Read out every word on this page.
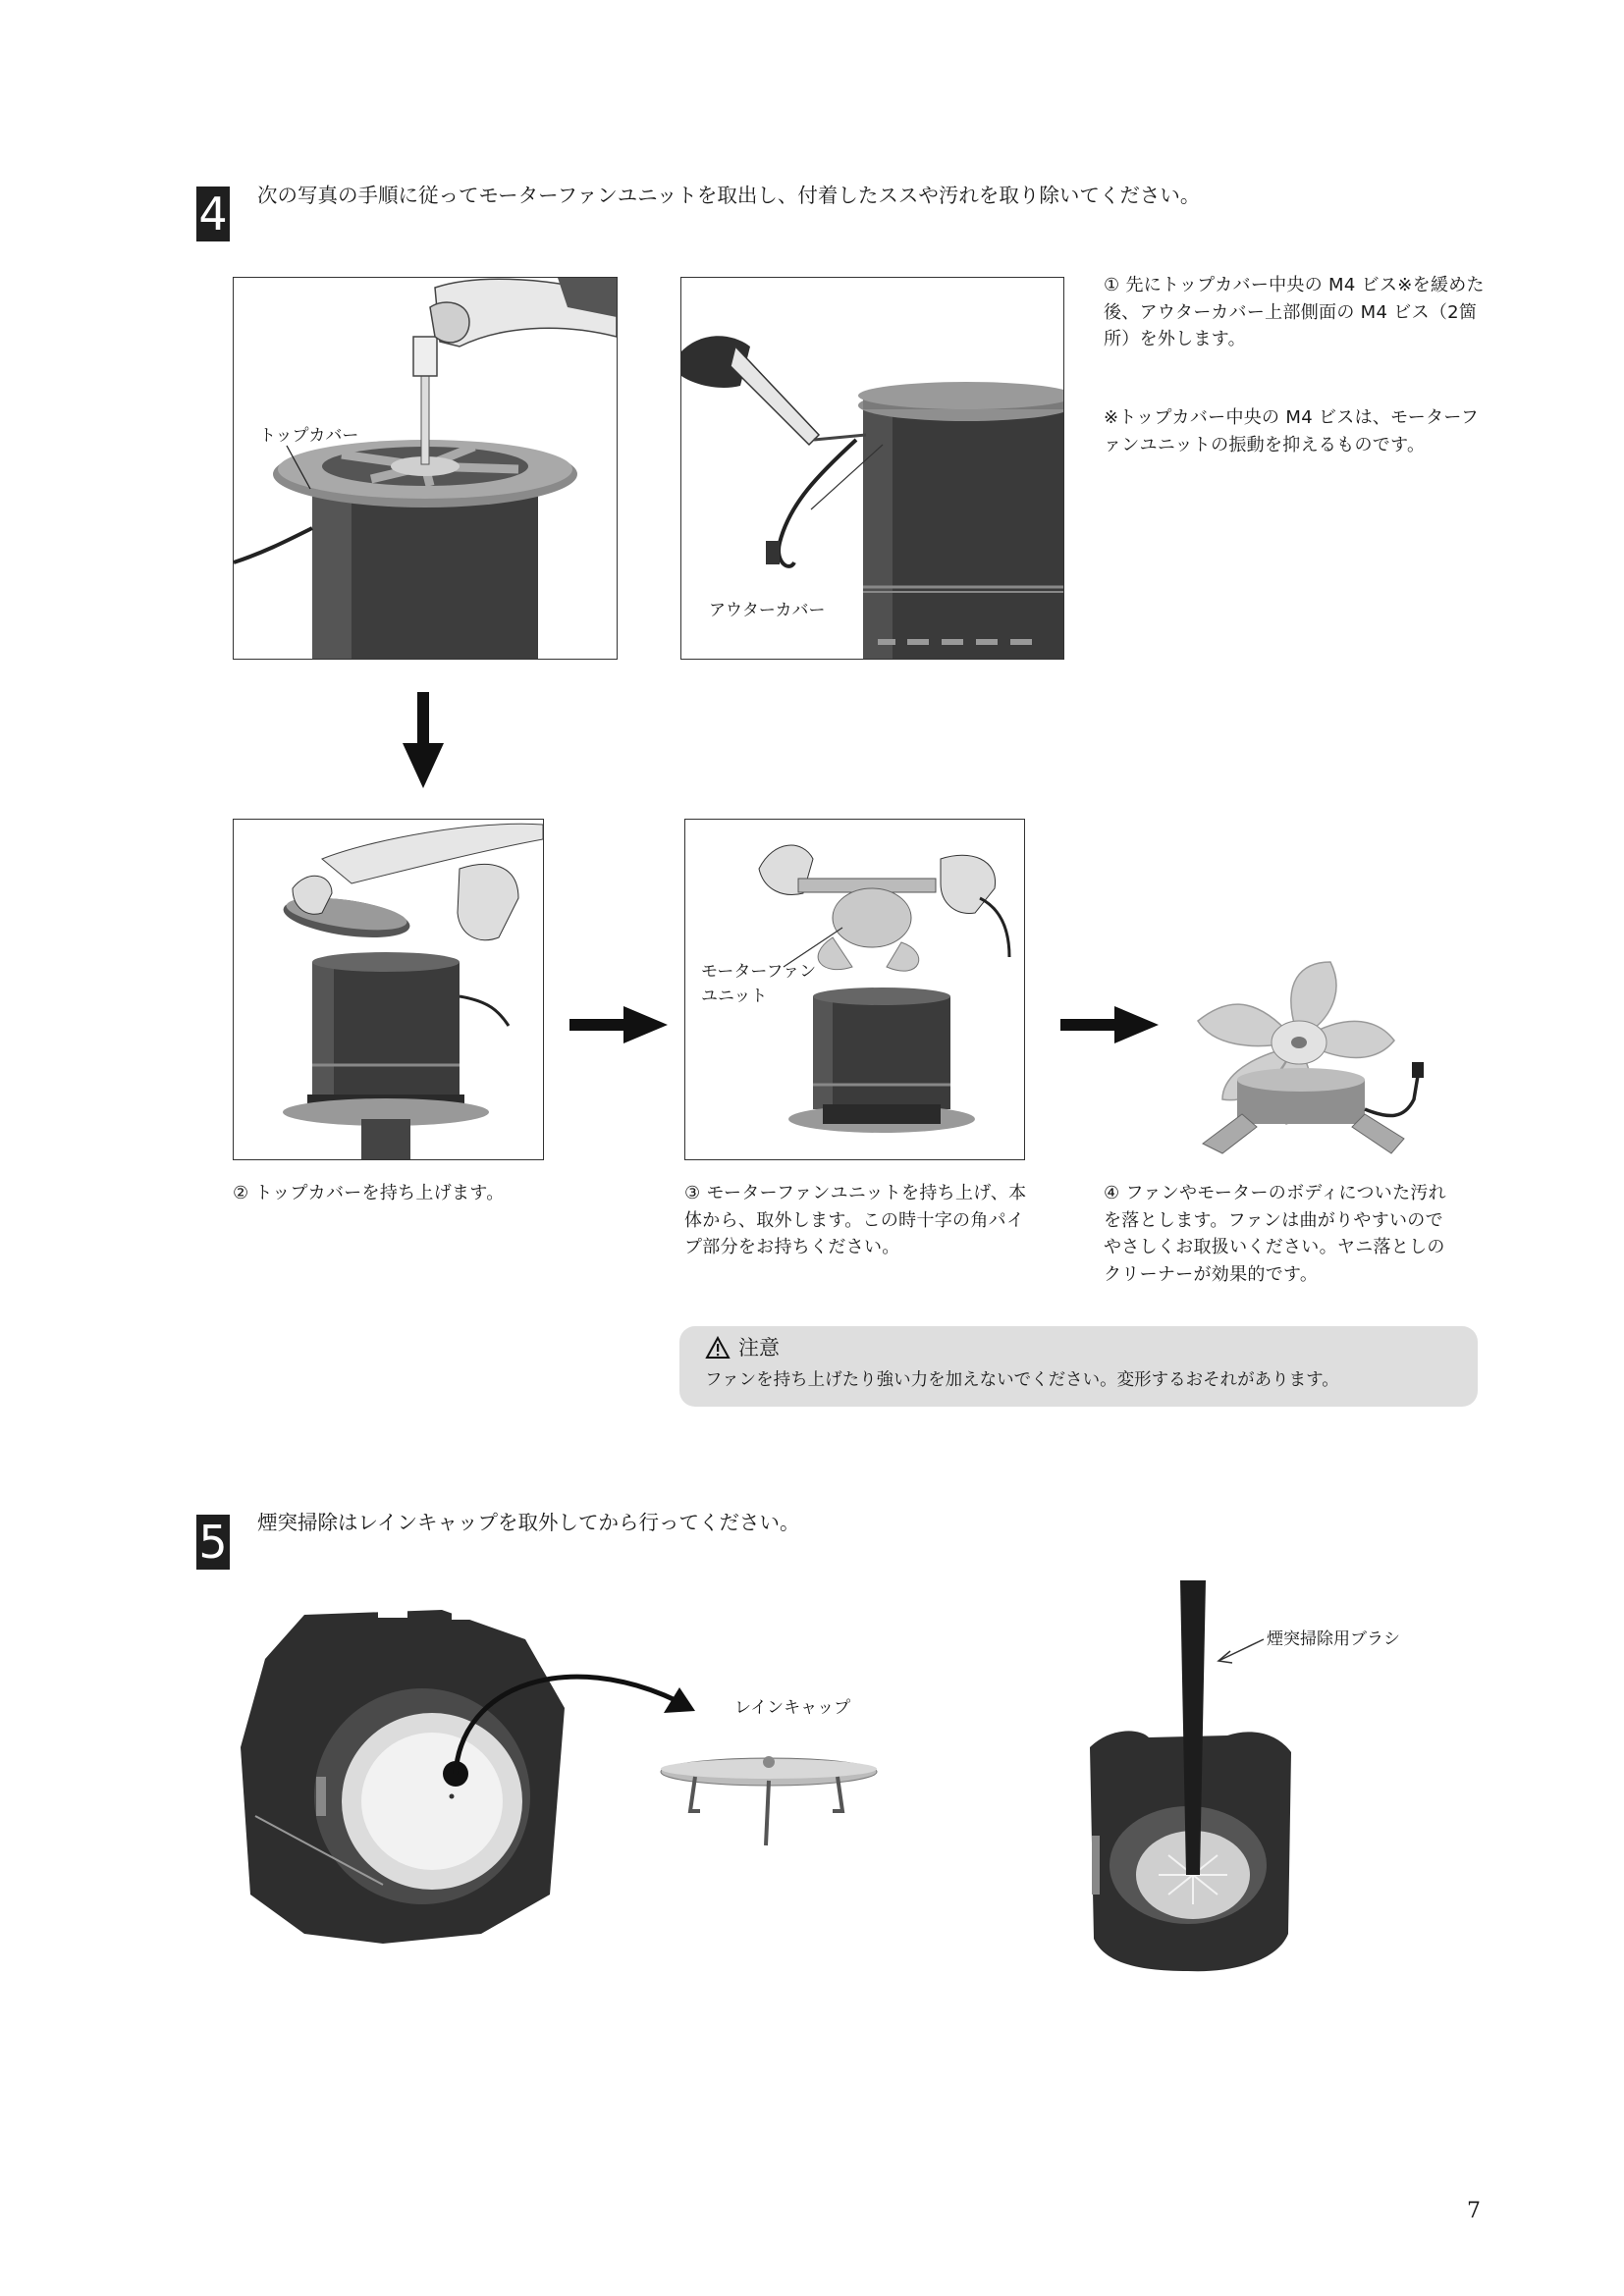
4 次の写真の手順に従ってモーターファンユニットを取出し、付着したススや汚れを取り除いてください。
トップカバー
アウターカバー
① 先にトップカバー中央の M4 ビス※を緩めた後、アウターカバー上部側面の M4 ビス（2箇所）を外します。
※トップカバー中央の M4 ビスは、モーターファンユニットの振動を抑えるものです。
モーターファン
ユニット
② トップカバーを持ち上げます。	③ モーターファンユニットを持ち上げ、本体から、取外します。この時十字の角パイプ部分をお持ちください。
④ ファンやモーターのボディについた汚れを落とします。ファンは曲がりやすいのでやさしくお取扱いください。ヤニ落としのクリーナーが効果的です。
注意
ファンを持ち上げたり強い力を加えないでください。変形するおそれがあります。
5 煙突掃除はレインキャップを取外してから行ってください。
レインキャップ
煙突掃除用ブラシ
7
